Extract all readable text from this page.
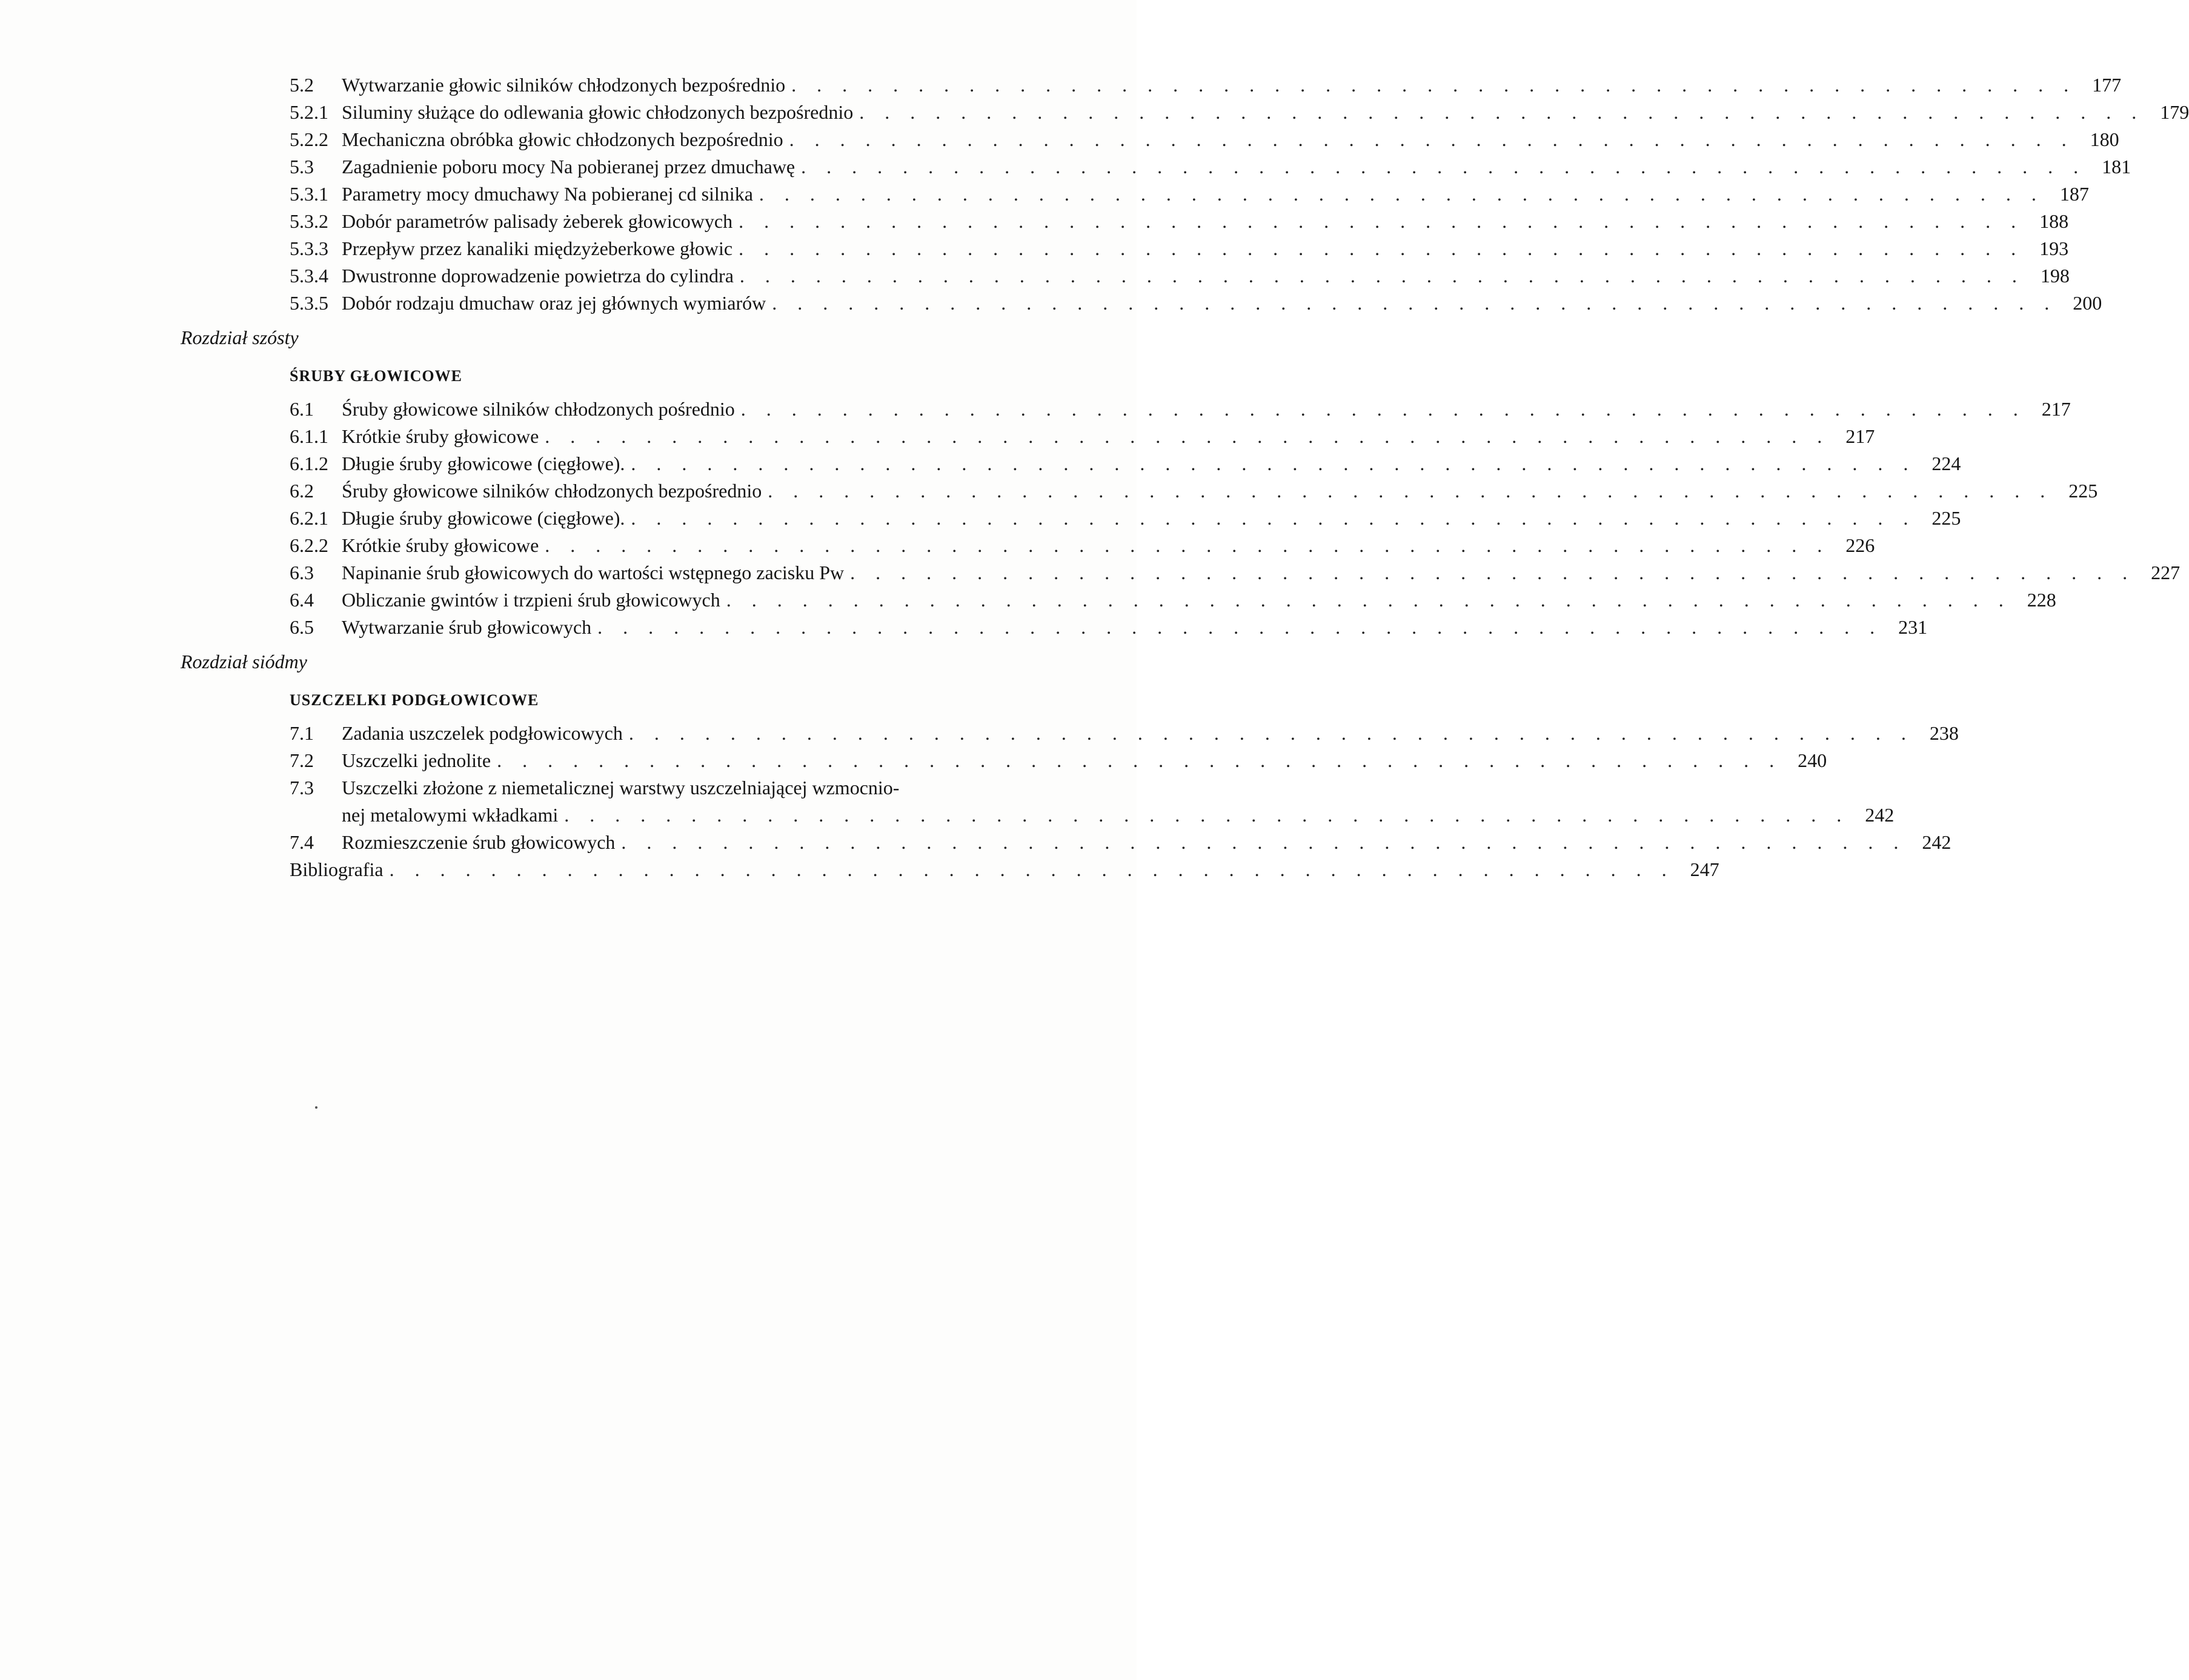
5.2	Wytwarzanie głowic silników chłodzonych bezpośrednio . . . . . . . . . . . . . . . . . . . . . . . . . . . . . . . . . . . . . . . . . . . . . . . . . . . 177
5.2.1 Siluminy służące do odlewania głowic chłodzonych bezpośrednio . . . . . . . . . . . . . . . . . . . . . . . . . . . . . . . . . . . . . . . . . . . . . . . . . . . 179
5.2.2 Mechaniczna obróbka głowic chłodzonych bezpośrednio . . . . . . . . . . . . . . . . . . . . . . . . . . . . . . . . . . . . . . . . . . . . . . . . . . . 180
5.3	Zagadnienie poboru mocy Na pobieranej przez dmuchawę . . . . . . . . . . . . . . . . . . . . . . . . . . . . . . . . . . . . . . . . . . . . . . . . . . . 181
5.3.1 Parametry mocy dmuchawy Na pobieranej cd silnika . . . . . . . . . . . . . . . . . . . . . . . . . . . . . . . . . . . . . . . . . . . . . . . . . . . 187
5.3.2 Dobór parametrów palisady żeberek głowicowych . . . . . . . . . . . . . . . . . . . . . . . . . . . . . . . . . . . . . . . . . . . . . . . . . . . 188
5.3.3 Przepływ przez kanaliki międzyżeberkowe głowic . . . . . . . . . . . . . . . . . . . . . . . . . . . . . . . . . . . . . . . . . . . . . . . . . . . 193
5.3.4 Dwustronne doprowadzenie powietrza do cylindra . . . . . . . . . . . . . . . . . . . . . . . . . . . . . . . . . . . . . . . . . . . . . . . . . . . 198
5.3.5 Dobór rodzaju dmuchaw oraz jej głównych wymiarów . . . . . . . . . . . . . . . . . . . . . . . . . . . . . . . . . . . . . . . . . . . . . . . . . . . 200
Rozdział szósty
ŚRUBY GŁOWICOWE
6.1	Śruby głowicowe silników chłodzonych pośrednio . . . . . . . . . . . . . . . . . . . . . . . . . . . . . . . . . . . . . . . . . . . . . . . . . . . 217
6.1.1 Krótkie śruby głowicowe . . . . . . . . . . . . . . . . . . . . . . . . . . . . . . . . . . . . . . . . . . . . . . . . . . . 217
6.1.2 Długie śruby głowicowe (cięgłowe). . . . . . . . . . . . . . . . . . . . . . . . . . . . . . . . . . . . . . . . . . . . . . . . . . . . 224
6.2	Śruby głowicowe silników chłodzonych bezpośrednio . . . . . . . . . . . . . . . . . . . . . . . . . . . . . . . . . . . . . . . . . . . . . . . . . . . 225
6.2.1 Długie śruby głowicowe (cięgłowe). . . . . . . . . . . . . . . . . . . . . . . . . . . . . . . . . . . . . . . . . . . . . . . . . . . . 225
6.2.2 Krótkie śruby głowicowe . . . . . . . . . . . . . . . . . . . . . . . . . . . . . . . . . . . . . . . . . . . . . . . . . . . 226
6.3	Napinanie śrub głowicowych do wartości wstępnego zacisku Pw . . . . . . . . . . . . . . . . . . . . . . . . . . . . . . . . . . . . . . . . . . . . . . . . . . . 227
6.4	Obliczanie gwintów i trzpieni śrub głowicowych . . . . . . . . . . . . . . . . . . . . . . . . . . . . . . . . . . . . . . . . . . . . . . . . . . . 228
6.5	Wytwarzanie śrub głowicowych . . . . . . . . . . . . . . . . . . . . . . . . . . . . . . . . . . . . . . . . . . . . . . . . . . . 231
Rozdział siódmy
USZCZELKI PODGŁOWICOWE
7.1	Zadania uszczelek podgłowicowych . . . . . . . . . . . . . . . . . . . . . . . . . . . . . . . . . . . . . . . . . . . . . . . . . . . 238
7.2	Uszczelki jednolite . . . . . . . . . . . . . . . . . . . . . . . . . . . . . . . . . . . . . . . . . . . . . . . . . . . 240
7.3	Uszczelki złożone z niemetalicznej warstwy uszczelniającej wzmocnio-
nej metalowymi wkładkami . . . . . . . . . . . . . . . . . . . . . . . . . . . . . . . . . . . . . . . . . . . . . . . . . . . 242
7.4	Rozmieszczenie śrub głowicowych . . . . . . . . . . . . . . . . . . . . . . . . . . . . . . . . . . . . . . . . . . . . . . . . . . . 242
Bibliografia . . . . . . . . . . . . . . . . . . . . . . . . . . . . . . . . . . . . . . . . . . . . . . . . . . . 247
